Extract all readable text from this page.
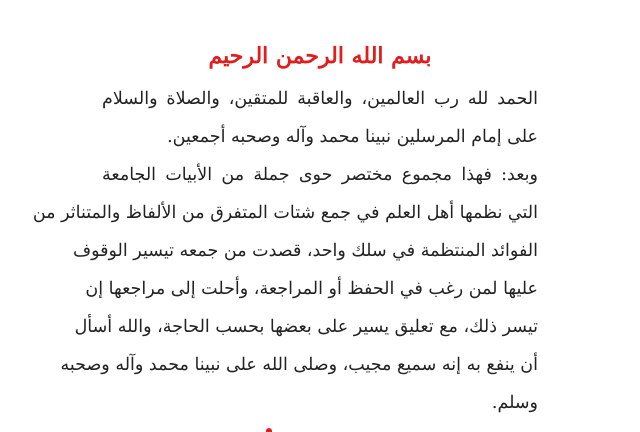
بسم الله الرحمن الرحيم
الحمد لله رب العالمين، والعاقبة للمتقين، والصلاة والسلام
على إمام المرسلين نبينا محمد وآله وصحبه أجمعين.
وبعد: فهذا مجموع مختصر حوى جملة من الأبيات الجامعة
التي نظمها أهل العلم في جمع شتات المتفرق من الألفاظ والمتناثر من
الفوائد المنتظمة في سلك واحد، قصدت من جمعه تيسير الوقوف
عليها لمن رغب في الحفظ أو المراجعة، وأحلت إلى مراجعها إن
تيسر ذلك، مع تعليق يسير على بعضها بحسب الحاجة، والله أسأل
أن ينفع به إنه سميع مجيب، وصلى الله على نبينا محمد وآله وصحبه
وسلم.
